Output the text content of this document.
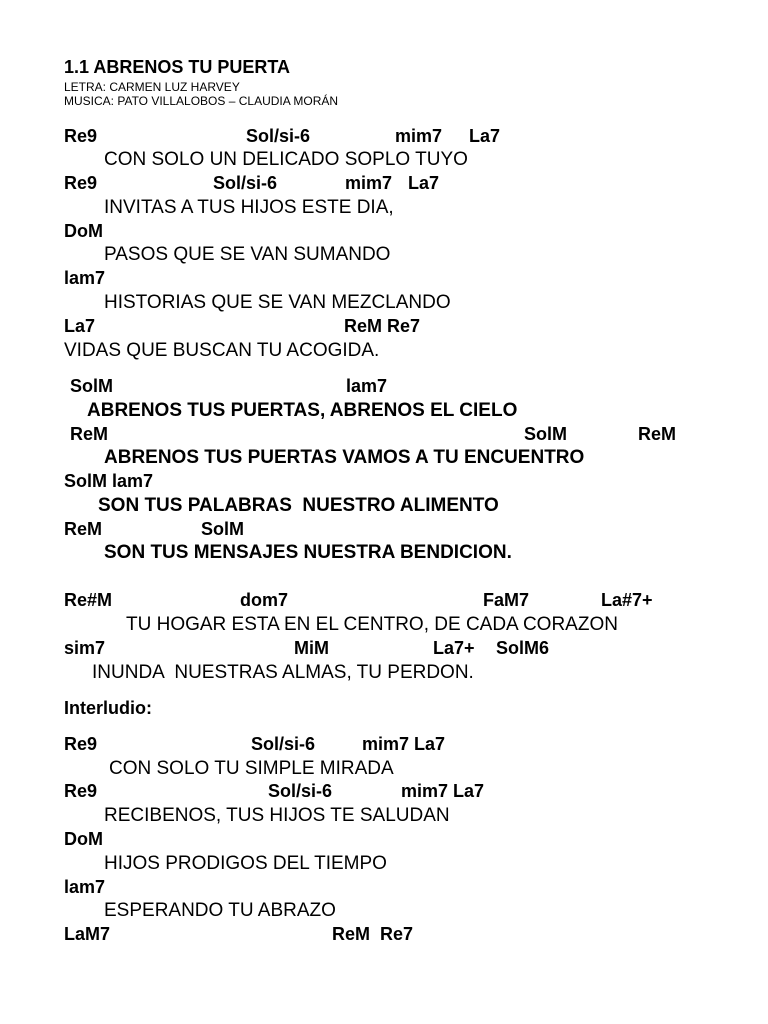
1.1 ABRENOS TU PUERTA
LETRA: CARMEN LUZ HARVEY
MUSICA: PATO VILLALOBOS – CLAUDIA MORÁN
Re9	Sol/si-6	mim7 La7
CON SOLO UN DELICADO SOPLO TUYO
Re9	Sol/si-6	mim7 La7
INVITAS A TUS HIJOS ESTE DIA,
DoM
PASOS QUE SE VAN SUMANDO
lam7
HISTORIAS QUE SE VAN MEZCLANDO
La7	ReM Re7
VIDAS QUE BUSCAN TU ACOGIDA.
SolM	lam7
ABRENOS TUS PUERTAS, ABRENOS EL CIELO
ReM	SolM	ReM
ABRENOS TUS PUERTAS VAMOS A TU ENCUENTRO
SolM lam7
SON TUS PALABRAS  NUESTRO ALIMENTO
ReM	SolM
SON TUS MENSAJES NUESTRA BENDICION.
Re#M	dom7	FaM7	La#7+
TU HOGAR ESTA EN EL CENTRO, DE CADA CORAZON
sim7	MiM	La7+ SolM6
INUNDA  NUESTRAS ALMAS, TU PERDON.
Interludio:
Re9	Sol/si-6	mim7 La7
CON SOLO TU SIMPLE MIRADA
Re9	Sol/si-6	mim7 La7
RECIBENOS, TUS HIJOS TE SALUDAN
DoM
HIJOS PRODIGOS DEL TIEMPO
lam7
ESPERANDO TU ABRAZO
LaM7	ReM  Re7
